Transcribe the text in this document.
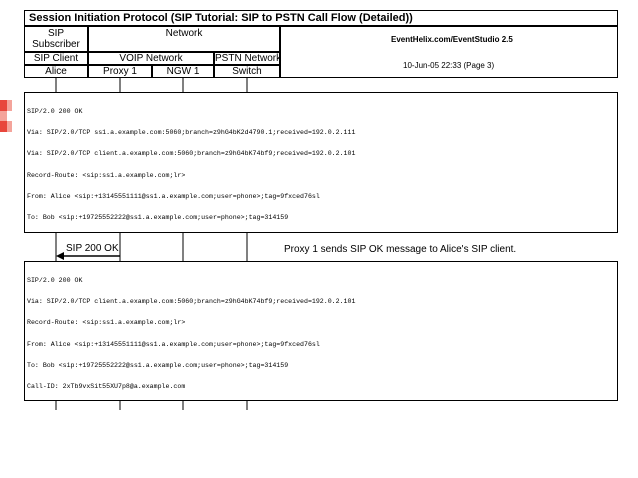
Session Initiation Protocol (SIP Tutorial: SIP to PSTN Call Flow (Detailed))
SIP Subscriber
Network
EventHelix.com/EventStudio 2.5
10-Jun-05 22:33 (Page 3)
SIP Client	VOIP Network	PSTN Network
Alice	Proxy 1	NGW 1	Switch

SIP/2.0 200 OK

Via: SIP/2.0/TCP ss1.a.example.com:5060;branch=z9hG4bK2d4790.1;received=192.0.2.111

Via: SIP/2.0/TCP client.a.example.com:5060;branch=z9hG4bK74bf9;received=192.0.2.101

Record-Route: <sip:ss1.a.example.com;lr>

From: Alice <sip:+13145551111@ss1.a.example.com;user=phone>;tag=9fxced76sl

To: Bob <sip:+19725552222@ss1.a.example.com;user=phone>;tag=314159

SIP 200 OK	Proxy 1 sends SIP OK message to Alice's SIP client.

SIP/2.0 200 OK

Via: SIP/2.0/TCP client.a.example.com:5060;branch=z9hG4bK74bf9;received=192.0.2.101

Record-Route: <sip:ss1.a.example.com;lr>

From: Alice <sip:+13145551111@ss1.a.example.com;user=phone>;tag=9fxced76sl

To: Bob <sip:+19725552222@ss1.a.example.com;user=phone>;tag=314159

Call-ID: 2xTb9vxSit55XU7p8@a.example.com
